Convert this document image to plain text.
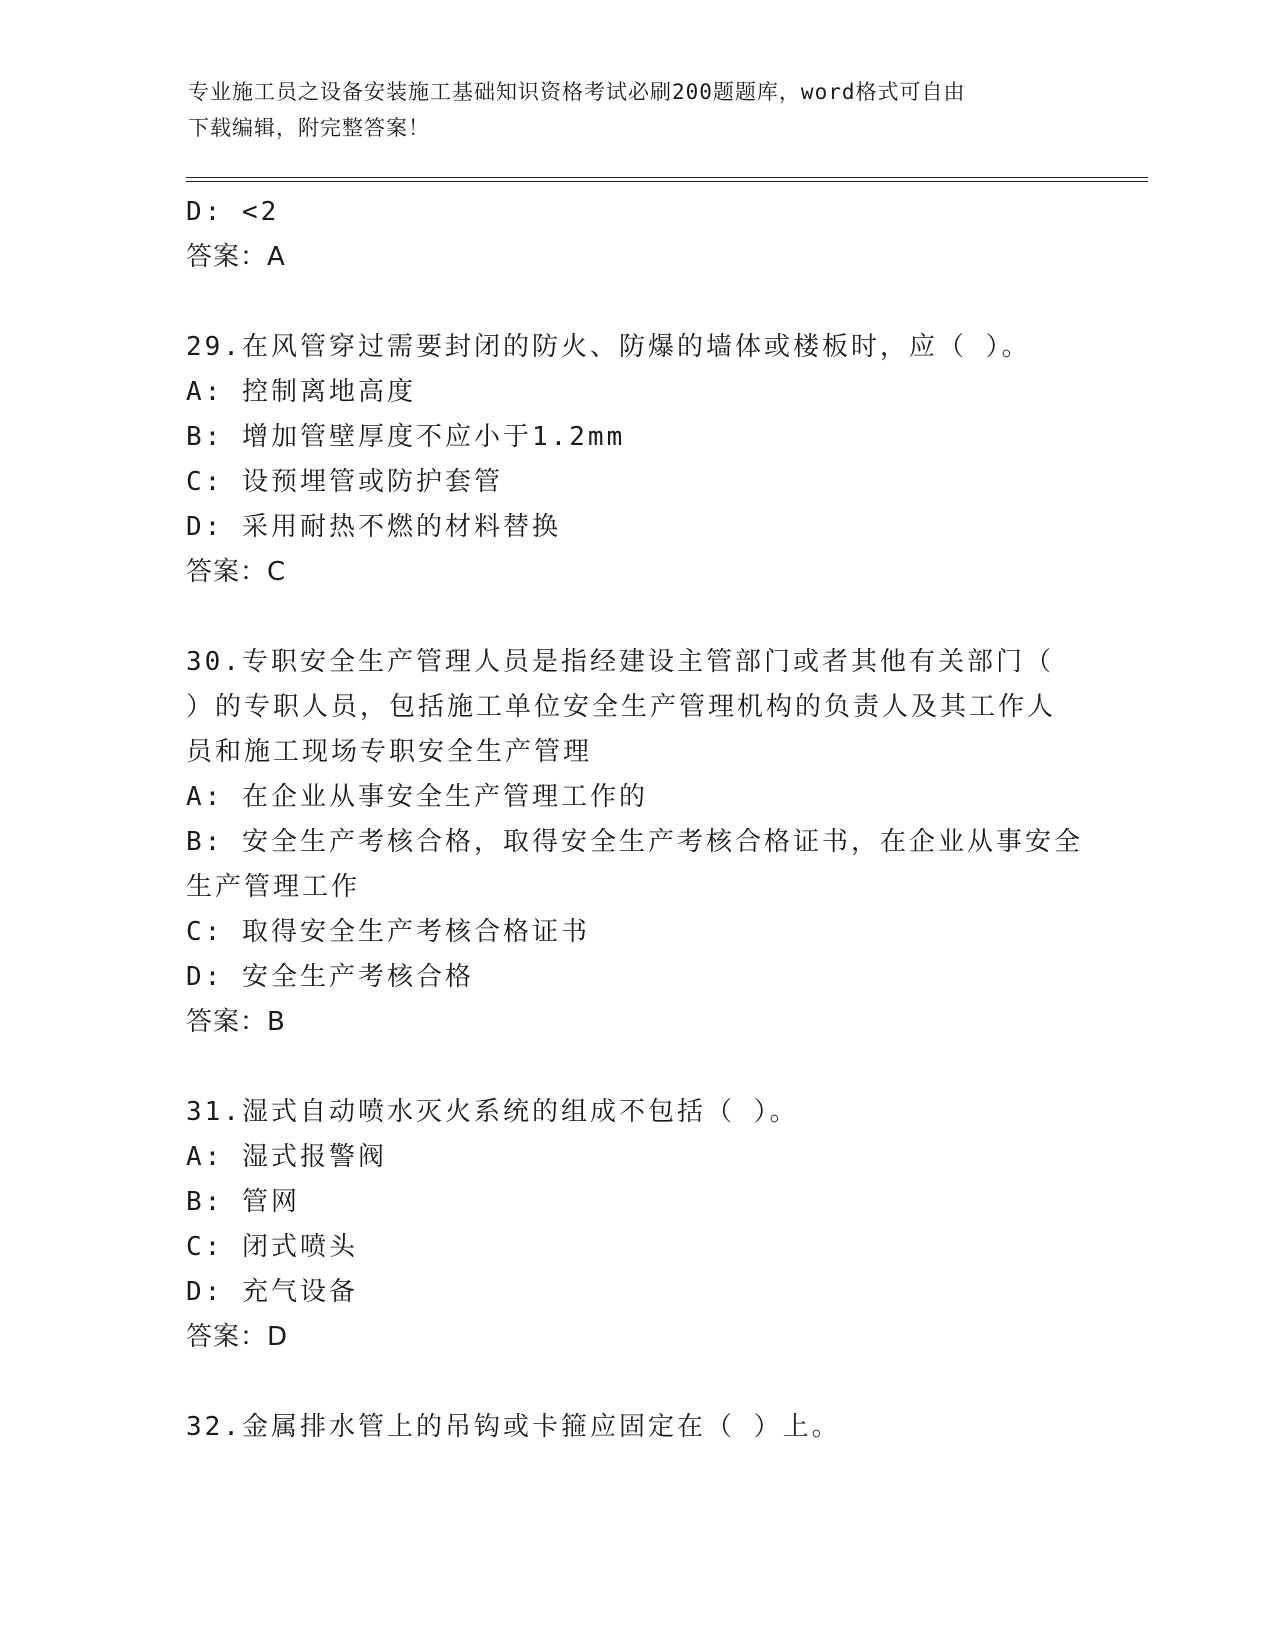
专业施工员之设备安装施工基础知识资格考试必刷200题题库，word格式可自由
下载编辑，附完整答案！
D: <2
答案：A
29.在风管穿过需要封闭的防火、防爆的墙体或楼板时，应（ ）。
A: 控制离地高度
B: 增加管壁厚度不应小于1.2mm
C: 设预埋管或防护套管
D: 采用耐热不燃的材料替换
答案：C
30.专职安全生产管理人员是指经建设主管部门或者其他有关部门（
）的专职人员，包括施工单位安全生产管理机构的负责人及其工作人
员和施工现场专职安全生产管理
A: 在企业从事安全生产管理工作的
B: 安全生产考核合格，取得安全生产考核合格证书，在企业从事安全
生产管理工作
C: 取得安全生产考核合格证书
D: 安全生产考核合格
答案：B
31.湿式自动喷水灭火系统的组成不包括（ ）。
A: 湿式报警阀
B: 管网
C: 闭式喷头
D: 充气设备
答案：D
32.金属排水管上的吊钩或卡箍应固定在（ ）上。
